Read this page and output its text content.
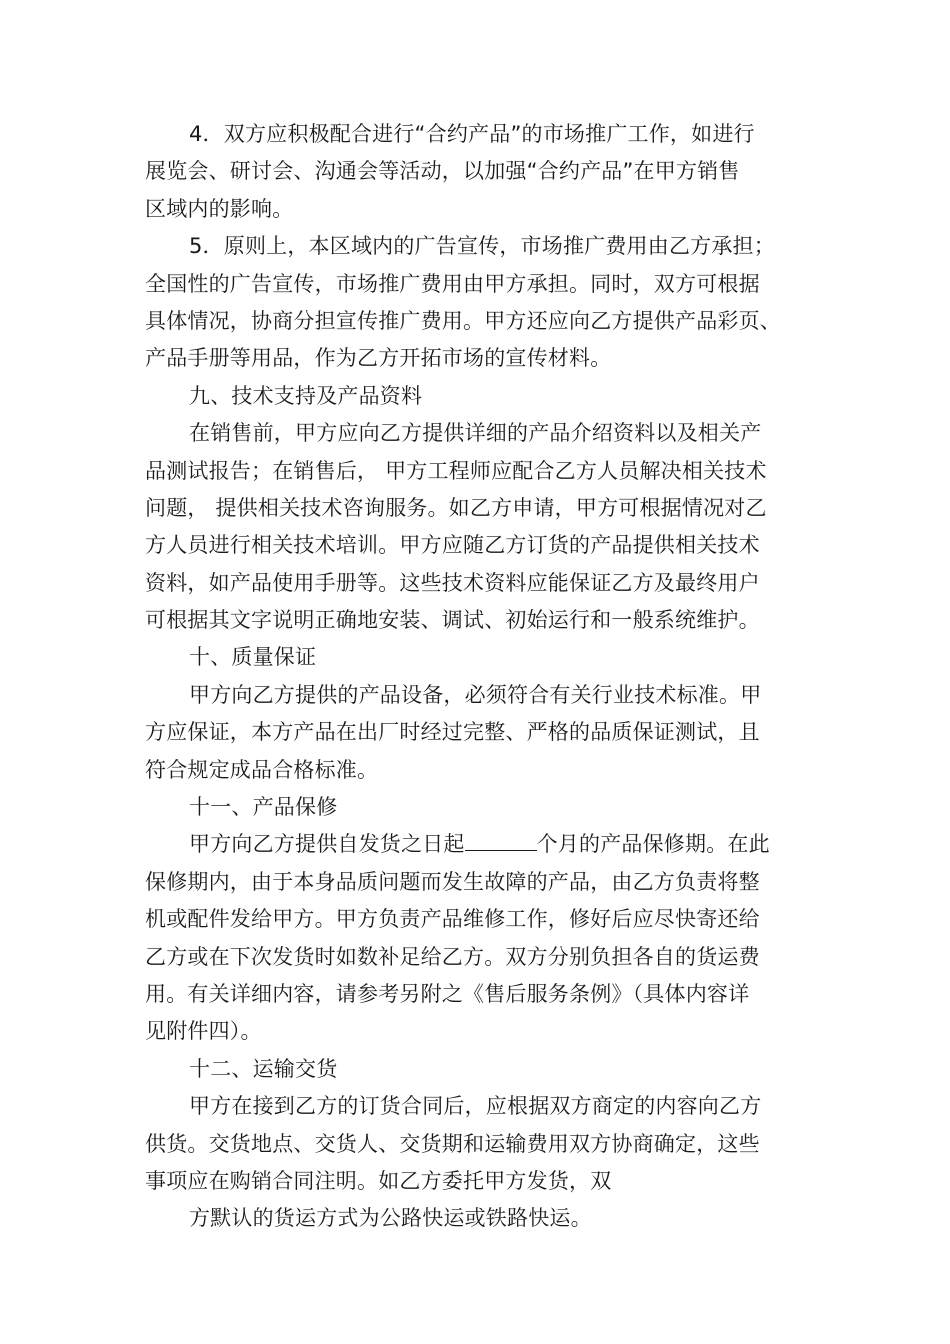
4．双方应积极配合进行“合约产品”的市场推广工作，如进行
展览会、研讨会、沟通会等活动，以加强“合约产品”在甲方销售
区域内的影响。
5．原则上，本区域内的广告宣传，市场推广费用由乙方承担；
全国性的广告宣传，市场推广费用由甲方承担。同时，双方可根据
具体情况，协商分担宣传推广费用。甲方还应向乙方提供产品彩页、
产品手册等用品，作为乙方开拓市场的宣传材料。
九、技术支持及产品资料
在销售前，甲方应向乙方提供详细的产品介绍资料以及相关产
品测试报告；在销售后， 甲方工程师应配合乙方人员解决相关技术
问题， 提供相关技术咨询服务。如乙方申请，甲方可根据情况对乙
方人员进行相关技术培训。甲方应随乙方订货的产品提供相关技术
资料，如产品使用手册等。这些技术资料应能保证乙方及最终用户
可根据其文字说明正确地安装、调试、初始运行和一般系统维护。
十、质量保证
甲方向乙方提供的产品设备，必须符合有关行业技术标准。甲
方应保证，本方产品在出厂时经过完整、严格的品质保证测试，且
符合规定成品合格标准。
十一、产品保修
甲方向乙方提供自发货之日起	个月的产品保修期。在此
保修期内，由于本身品质问题而发生故障的产品，由乙方负责将整
机或配件发给甲方。甲方负责产品维修工作，修好后应尽快寄还给
乙方或在下次发货时如数补足给乙方。双方分别负担各自的货运费
用。有关详细内容，请参考另附之《售后服务条例》（具体内容详
见附件四）。
十二、运输交货
甲方在接到乙方的订货合同后，应根据双方商定的内容向乙方
供货。交货地点、交货人、交货期和运输费用双方协商确定，这些
事项应在购销合同注明。如乙方委托甲方发货，双
方默认的货运方式为公路快运或铁路快运。
